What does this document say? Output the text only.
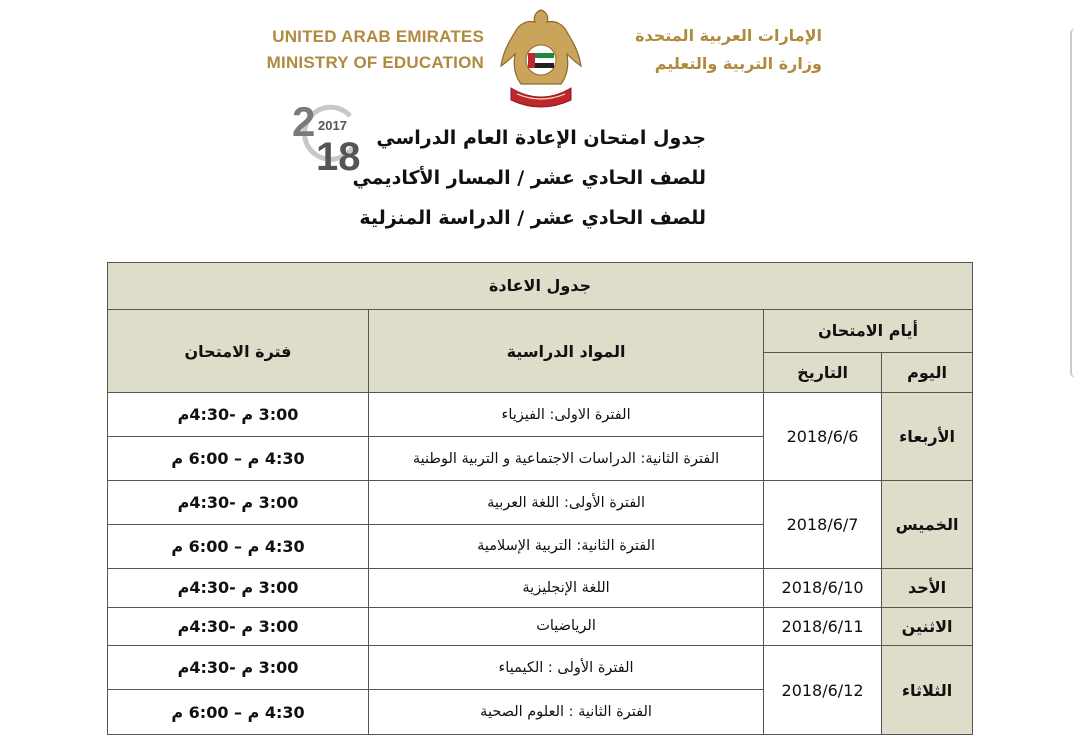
UNITED ARAB EMIRATES
MINISTRY OF EDUCATION
الإمارات العربية المتحدة
وزارة التربية والتعليم
2 2017
18 جدول امتحان الإعادة العام الدراسي
للصف الحادي عشر / المسار الأكاديمي
للصف الحادي عشر / الدراسة المنزلية
جدول الاعادة			
أيام الامتحان		المواد الدراسية	فترة الامتحان
اليوم	التاريخ		
الأربعاء	2018/6/6	الفترة الاولى: الفيزياء	3:00 م -4:30م
		الفترة الثانية: الدراسات الاجتماعية و التربية الوطنية	4:30 م – 6:00 م
الخميس	2018/6/7	الفترة الأولى: اللغة العربية	3:00 م -4:30م
		الفترة الثانية: التربية الإسلامية	4:30 م – 6:00 م
الأحد	2018/6/10	اللغة الإنجليزية	3:00 م -4:30م
الاثنين	2018/6/11	الرياضيات	3:00 م -4:30م
الثلاثاء	2018/6/12	الفترة الأولى : الكيمياء	3:00 م -4:30م
		الفترة الثانية : العلوم الصحية	4:30 م – 6:00 م
